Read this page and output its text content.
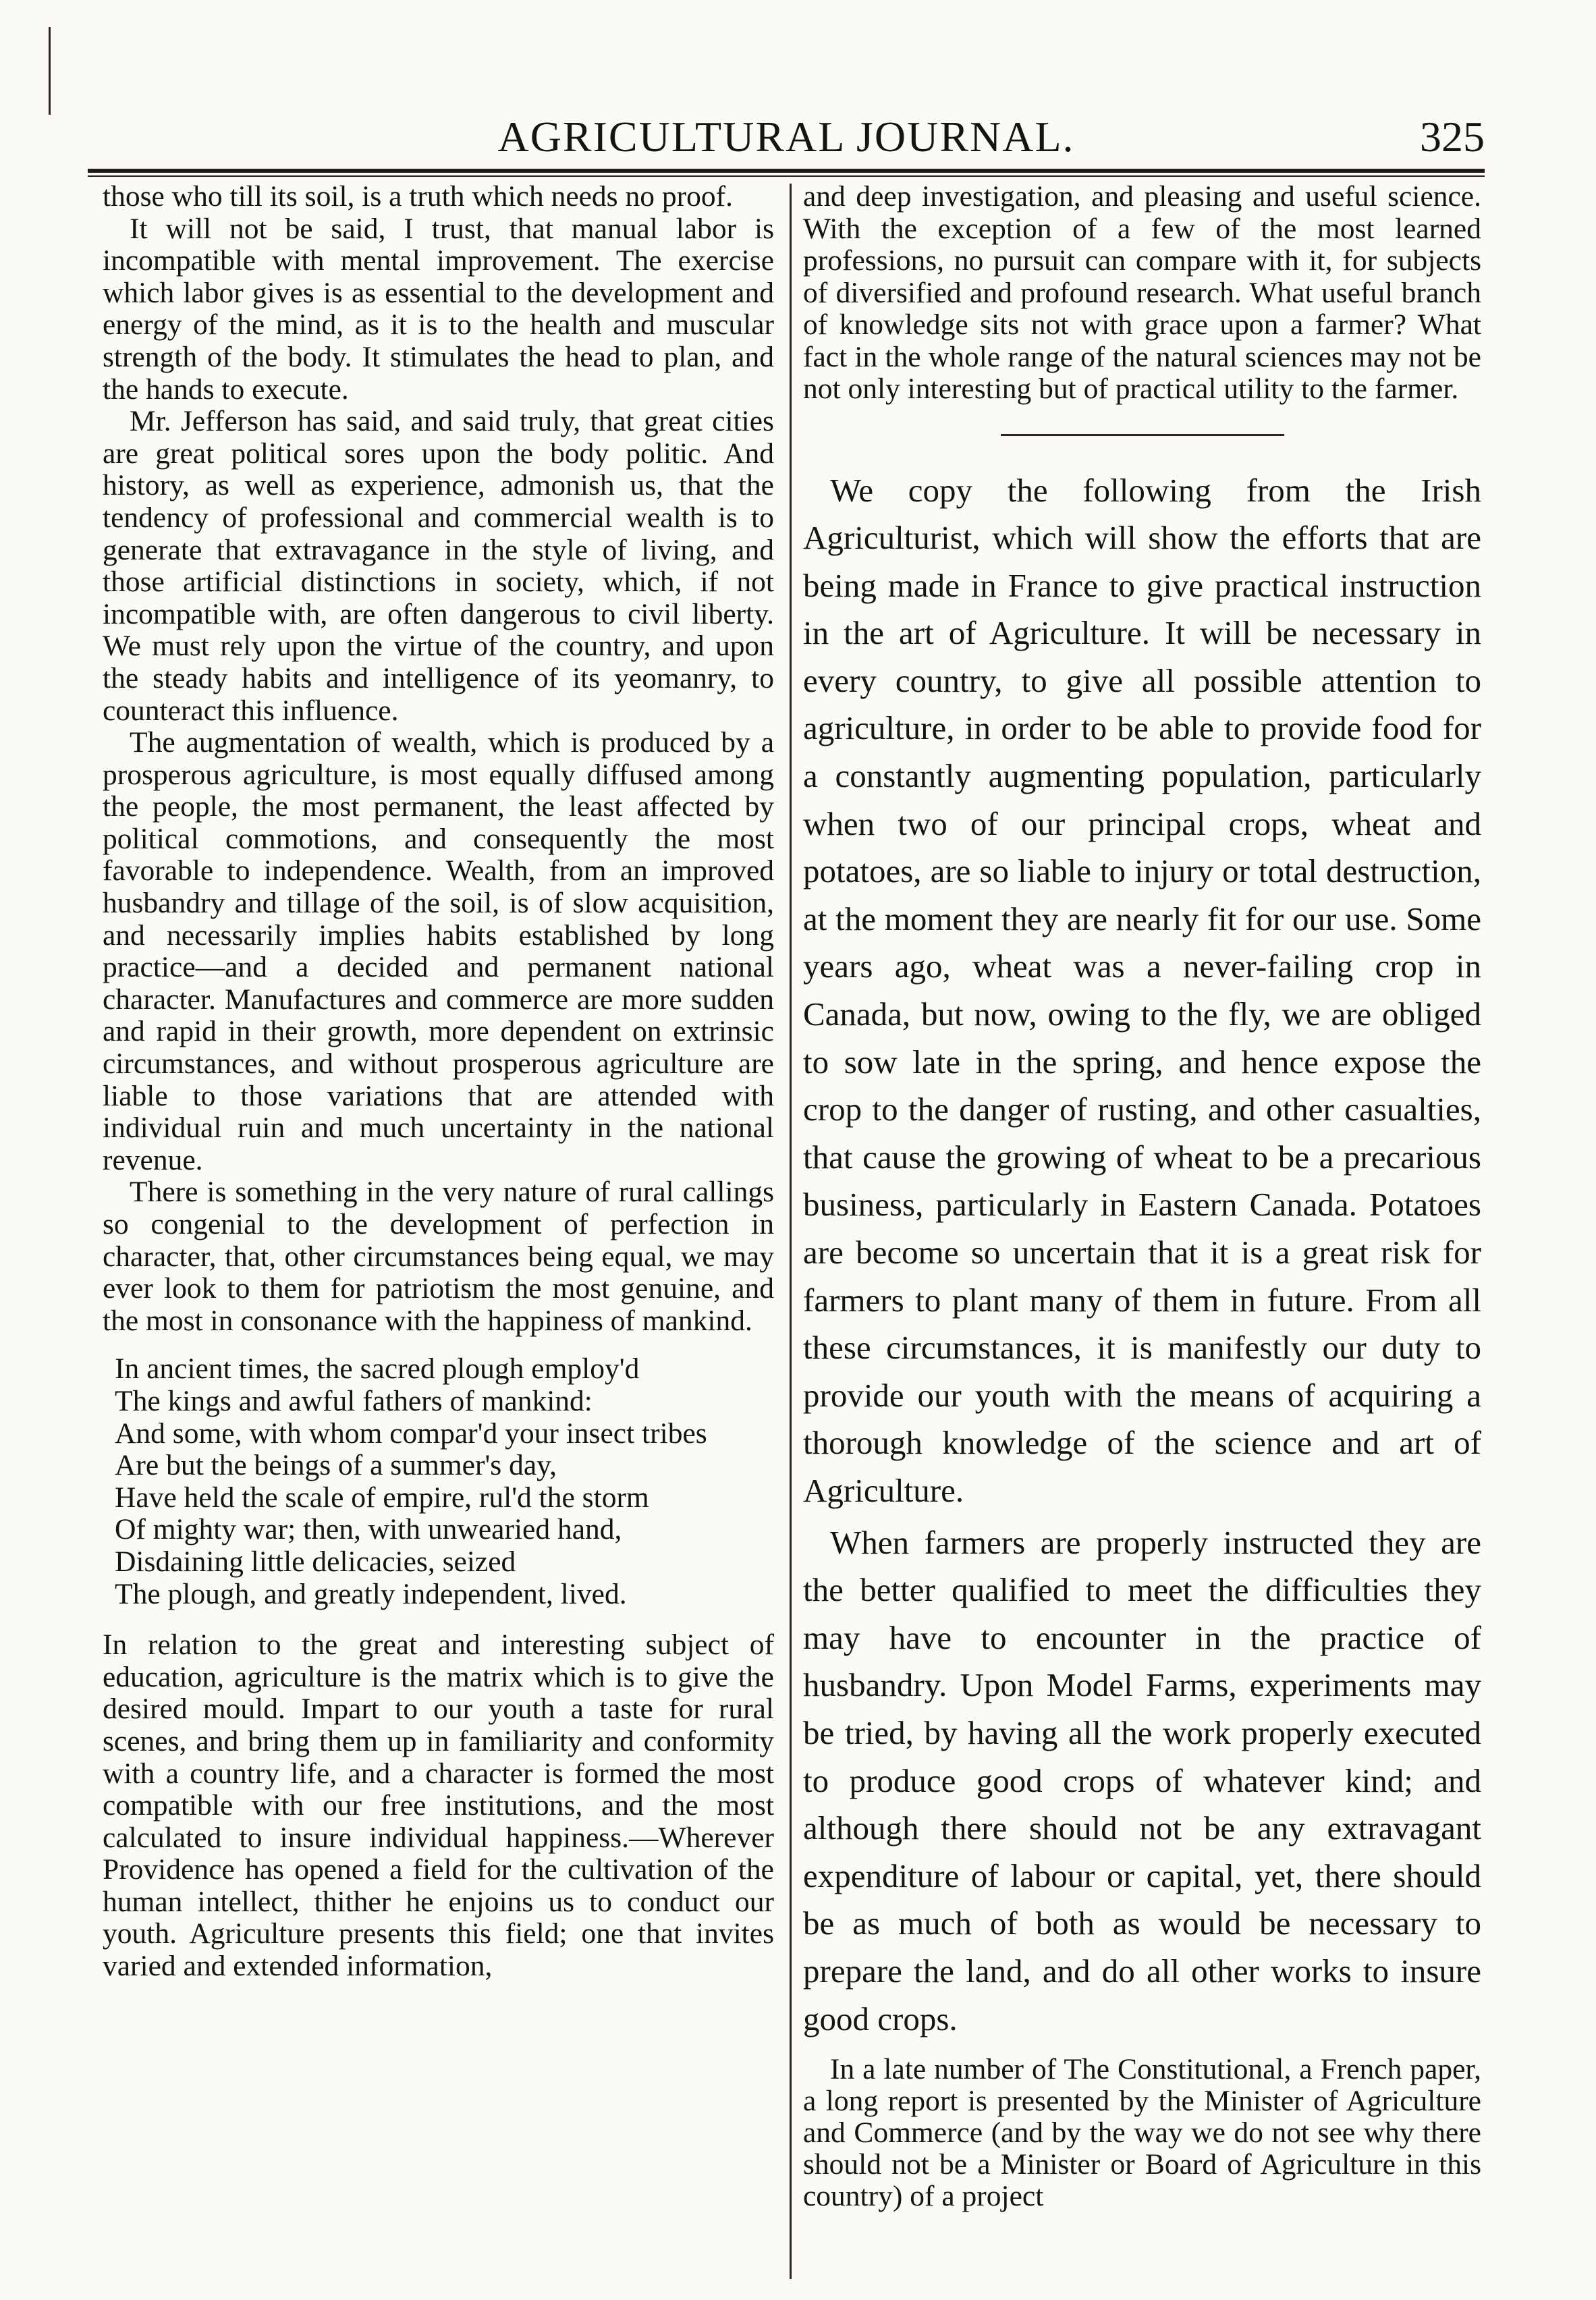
AGRICULTURAL JOURNAL.	325

those who till its soil, is a truth which needs no proof.

It will not be said, I trust, that manual labor is incompatible with mental improvement. The exercise which labor gives is as essential to the development and energy of the mind, as it is to the health and muscular strength of the body. It stimulates the head to plan, and the hands to execute.

Mr. Jefferson has said, and said truly, that great cities are great political sores upon the body politic. And history, as well as experience, admonish us, that the tendency of professional and commercial wealth is to generate that extravagance in the style of living, and those artificial distinctions in society, which, if not incompatible with, are often dangerous to civil liberty. We must rely upon the virtue of the country, and upon the steady habits and intelligence of its yeomanry, to counteract this influence.

The augmentation of wealth, which is produced by a prosperous agriculture, is most equally diffused among the people, the most permanent, the least affected by political commotions, and consequently the most favorable to independence. Wealth, from an improved husbandry and tillage of the soil, is of slow acquisition, and necessarily implies habits established by long practice—and a decided and permanent national character. Manufactures and commerce are more sudden and rapid in their growth, more dependent on extrinsic circumstances, and without prosperous agriculture are liable to those variations that are attended with individual ruin and much uncertainty in the national revenue.

There is something in the very nature of rural callings so congenial to the development of perfection in character, that, other circumstances being equal, we may ever look to them for patriotism the most genuine, and the most in consonance with the happiness of mankind.

In ancient times, the sacred plough employ'd
The kings and awful fathers of mankind:
And some, with whom compar'd your insect tribes
Are but the beings of a summer's day,
Have held the scale of empire, rul'd the storm
Of mighty war; then, with unwearied hand,
Disdaining little delicacies, seized
The plough, and greatly independent, lived.

In relation to the great and interesting subject of education, agriculture is the matrix which is to give the desired mould. Impart to our youth a taste for rural scenes, and bring them up in familiarity and conformity with a country life, and a character is formed the most compatible with our free institutions, and the most calculated to insure individual happiness.—Wherever Providence has opened a field for the cultivation of the human intellect, thither he enjoins us to conduct our youth. Agriculture presents this field; one that invites varied and extended information,

and deep investigation, and pleasing and useful science. With the exception of a few of the most learned professions, no pursuit can compare with it, for subjects of diversified and profound research. What useful branch of knowledge sits not with grace upon a farmer? What fact in the whole range of the natural sciences may not be not only interesting but of practical utility to the farmer.

We copy the following from the Irish Agriculturist, which will show the efforts that are being made in France to give practical instruction in the art of Agriculture. It will be necessary in every country, to give all possible attention to agriculture, in order to be able to provide food for a constantly augmenting population, particularly when two of our principal crops, wheat and potatoes, are so liable to injury or total destruction, at the moment they are nearly fit for our use. Some years ago, wheat was a never-failing crop in Canada, but now, owing to the fly, we are obliged to sow late in the spring, and hence expose the crop to the danger of rusting, and other casualties, that cause the growing of wheat to be a precarious business, particularly in Eastern Canada. Potatoes are become so uncertain that it is a great risk for farmers to plant many of them in future. From all these circumstances, it is manifestly our duty to provide our youth with the means of acquiring a thorough knowledge of the science and art of Agriculture.

When farmers are properly instructed they are the better qualified to meet the difficulties they may have to encounter in the practice of husbandry. Upon Model Farms, experiments may be tried, by having all the work properly executed to produce good crops of whatever kind; and although there should not be any extravagant expenditure of labour or capital, yet, there should be as much of both as would be necessary to prepare the land, and do all other works to insure good crops.

In a late number of The Constitutional, a French paper, a long report is presented by the Minister of Agriculture and Commerce (and by the way we do not see why there should not be a Minister or Board of Agriculture in this country) of a project
